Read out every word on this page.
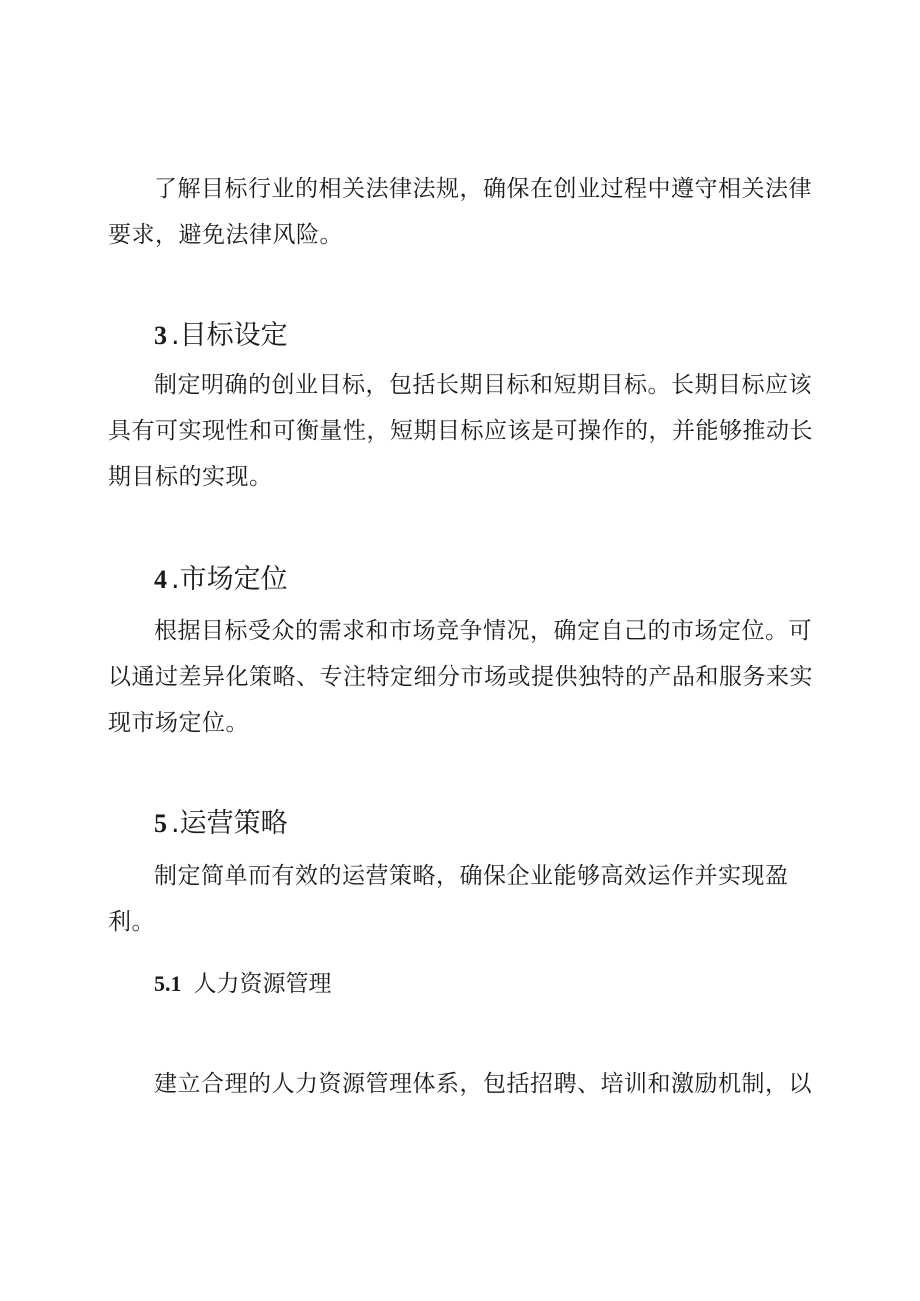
了解目标行业的相关法律法规，确保在创业过程中遵守相关法律要求，避免法律风险。

3 .目标设定

制定明确的创业目标，包括长期目标和短期目标。长期目标应该具有可实现性和可衡量性，短期目标应该是可操作的，并能够推动长期目标的实现。

4 .市场定位

根据目标受众的需求和市场竞争情况，确定自己的市场定位。可以通过差异化策略、专注特定细分市场或提供独特的产品和服务来实现市场定位。

5 .运营策略

制定简单而有效的运营策略，确保企业能够高效运作并实现盈利。

5.1 人力资源管理

建立合理的人力资源管理体系，包括招聘、培训和激励机制，以
